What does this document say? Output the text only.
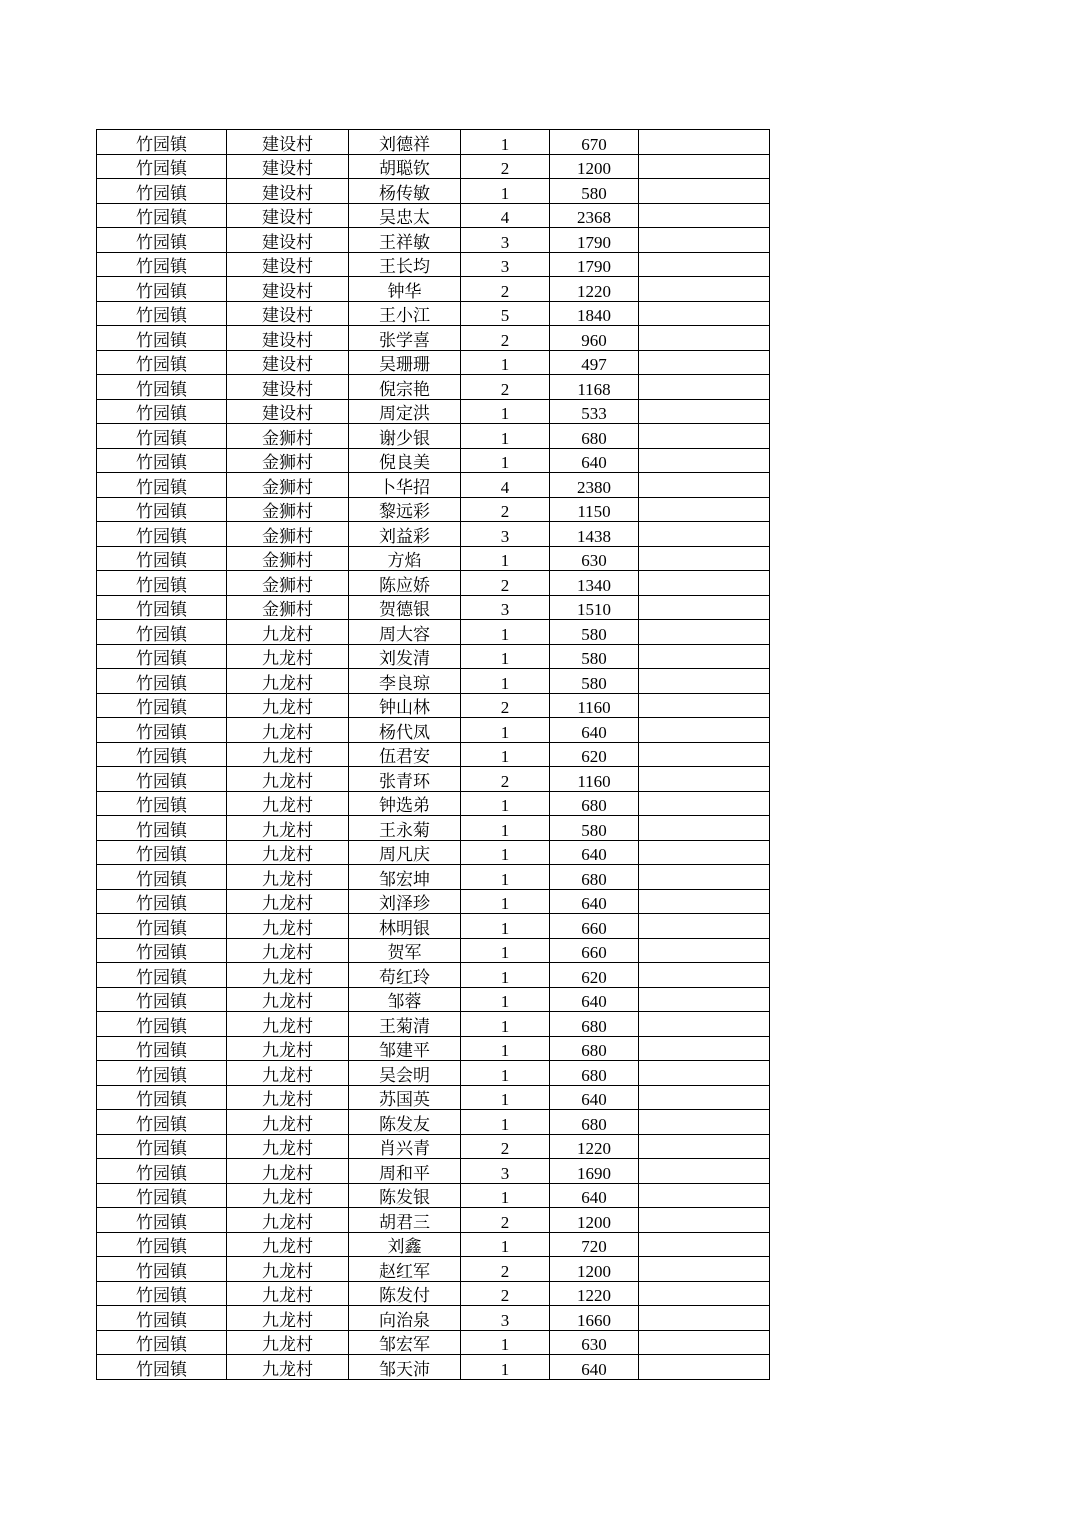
竹园镇	建设村	刘德祥	1	670	
竹园镇	建设村	胡聪钦	2	1200	
竹园镇	建设村	杨传敏	1	580	
竹园镇	建设村	吴忠太	4	2368	
竹园镇	建设村	王祥敏	3	1790	
竹园镇	建设村	王长均	3	1790	
竹园镇	建设村	钟华	2	1220	
竹园镇	建设村	王小江	5	1840	
竹园镇	建设村	张学喜	2	960	
竹园镇	建设村	吴珊珊	1	497	
竹园镇	建设村	倪宗艳	2	1168	
竹园镇	建设村	周定洪	1	533	
竹园镇	金狮村	谢少银	1	680	
竹园镇	金狮村	倪良美	1	640	
竹园镇	金狮村	卜华招	4	2380	
竹园镇	金狮村	黎远彩	2	1150	
竹园镇	金狮村	刘益彩	3	1438	
竹园镇	金狮村	方焰	1	630	
竹园镇	金狮村	陈应娇	2	1340	
竹园镇	金狮村	贺德银	3	1510	
竹园镇	九龙村	周大容	1	580	
竹园镇	九龙村	刘发清	1	580	
竹园镇	九龙村	李良琼	1	580	
竹园镇	九龙村	钟山林	2	1160	
竹园镇	九龙村	杨代凤	1	640	
竹园镇	九龙村	伍君安	1	620	
竹园镇	九龙村	张青环	2	1160	
竹园镇	九龙村	钟选弟	1	680	
竹园镇	九龙村	王永菊	1	580	
竹园镇	九龙村	周凡庆	1	640	
竹园镇	九龙村	邹宏坤	1	680	
竹园镇	九龙村	刘泽珍	1	640	
竹园镇	九龙村	林明银	1	660	
竹园镇	九龙村	贺军	1	660	
竹园镇	九龙村	苟红玲	1	620	
竹园镇	九龙村	邹蓉	1	640	
竹园镇	九龙村	王菊清	1	680	
竹园镇	九龙村	邹建平	1	680	
竹园镇	九龙村	吴会明	1	680	
竹园镇	九龙村	苏国英	1	640	
竹园镇	九龙村	陈发友	1	680	
竹园镇	九龙村	肖兴青	2	1220	
竹园镇	九龙村	周和平	3	1690	
竹园镇	九龙村	陈发银	1	640	
竹园镇	九龙村	胡君三	2	1200	
竹园镇	九龙村	刘鑫	1	720	
竹园镇	九龙村	赵红军	2	1200	
竹园镇	九龙村	陈发付	2	1220	
竹园镇	九龙村	向治泉	3	1660	
竹园镇	九龙村	邹宏军	1	630	
竹园镇	九龙村	邹天沛	1	640	
